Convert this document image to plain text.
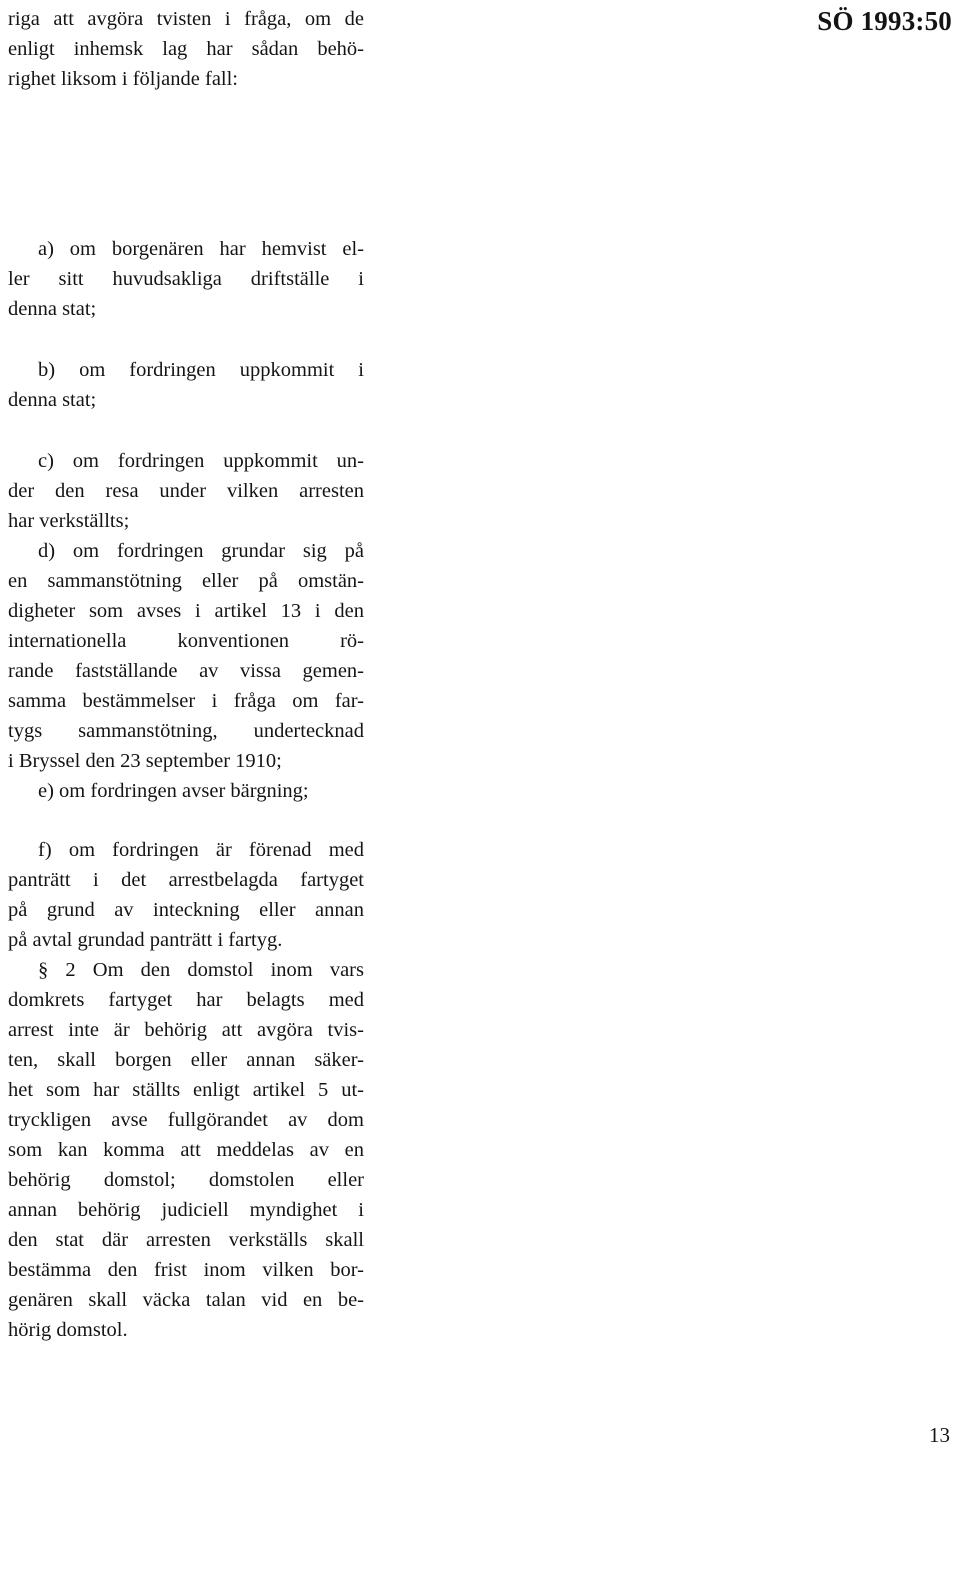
SÖ 1993:50

riga att avgöra tvisten i fråga, om de
enligt inhemsk lag har sådan behö-
righet liksom i följande fall:

a) om borgenären har hemvist el-
ler sitt huvudsakliga driftställe i
denna stat;

b) om fordringen uppkommit i
denna stat;

c) om fordringen uppkommit un-
der den resa under vilken arresten
har verkställts;

d) om fordringen grundar sig på
en sammanstötning eller på omstän-
digheter som avses i artikel 13 i den
internationella konventionen rö-
rande fastställande av vissa gemen-
samma bestämmelser i fråga om far-
tygs sammanstötning, undertecknad
i Bryssel den 23 september 1910;

e) om fordringen avser bärgning;

f) om fordringen är förenad med
panträtt i det arrestbelagda fartyget
på grund av inteckning eller annan
på avtal grundad panträtt i fartyg.

§ 2 Om den domstol inom vars
domkrets fartyget har belagts med
arrest inte är behörig att avgöra tvis-
ten, skall borgen eller annan säker-
het som har ställts enligt artikel 5 ut-
tryckligen avse fullgörandet av dom
som kan komma att meddelas av en
behörig domstol; domstolen eller
annan behörig judiciell myndighet i
den stat där arresten verkställs skall
bestämma den frist inom vilken bor-
genären skall väcka talan vid en be-
hörig domstol.

13
